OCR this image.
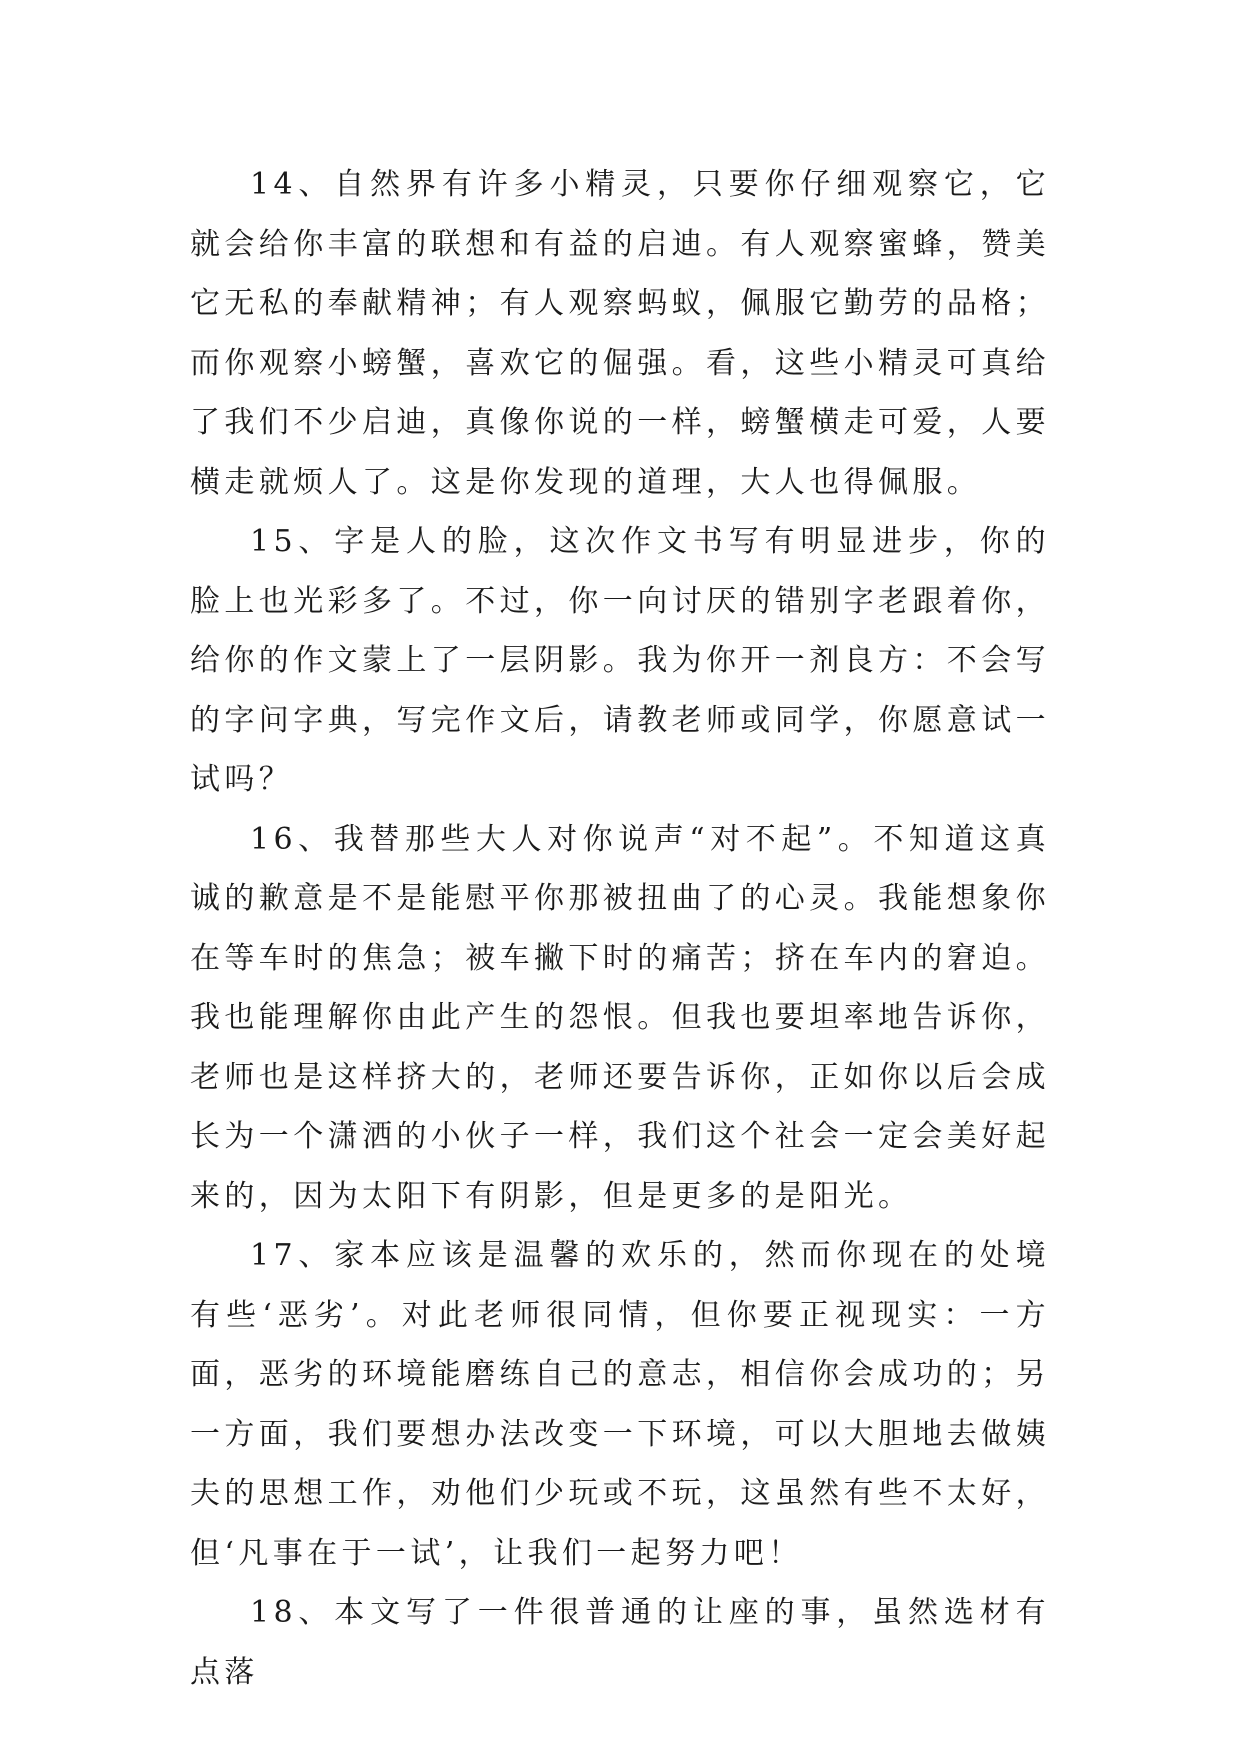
14、自然界有许多小精灵，只要你仔细观察它，它就会给你丰富的联想和有益的启迪。有人观察蜜蜂，赞美它无私的奉献精神；有人观察蚂蚁，佩服它勤劳的品格；而你观察小螃蟹，喜欢它的倔强。看，这些小精灵可真给了我们不少启迪，真像你说的一样，螃蟹横走可爱，人要横走就烦人了。这是你发现的道理，大人也得佩服。

15、字是人的脸，这次作文书写有明显进步，你的脸上也光彩多了。不过，你一向讨厌的错别字老跟着你，给你的作文蒙上了一层阴影。我为你开一剂良方：不会写的字问字典，写完作文后，请教老师或同学，你愿意试一试吗？

16、我替那些大人对你说声“对不起”。不知道这真诚的歉意是不是能慰平你那被扭曲了的心灵。我能想象你在等车时的焦急；被车撇下时的痛苦；挤在车内的窘迫。我也能理解你由此产生的怨恨。但我也要坦率地告诉你，老师也是这样挤大的，老师还要告诉你，正如你以后会成长为一个潇洒的小伙子一样，我们这个社会一定会美好起来的，因为太阳下有阴影，但是更多的是阳光。

17、家本应该是温馨的欢乐的，然而你现在的处境有些‘恶劣’。对此老师很同情，但你要正视现实：一方面，恶劣的环境能磨练自己的意志，相信你会成功的；另一方面，我们要想办法改变一下环境，可以大胆地去做姨夫的思想工作，劝他们少玩或不玩，这虽然有些不太好，但‘凡事在于一试’，让我们一起努力吧！

18、本文写了一件很普通的让座的事，虽然选材有点落
